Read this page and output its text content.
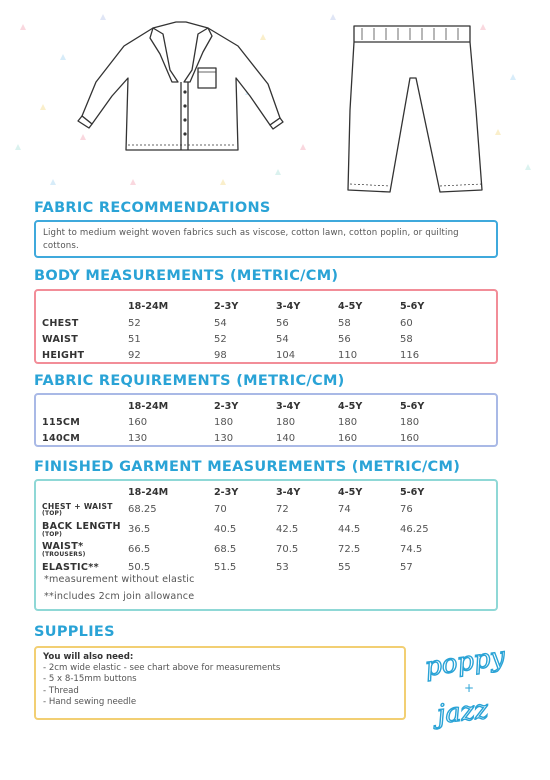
FABRIC RECOMMENDATIONS
Light to medium weight woven fabrics such as viscose, cotton lawn, cotton poplin, or quilting cottons.
BODY MEASUREMENTS (METRIC/CM)
	18-24M	2-3Y	3-4Y	4-5Y	5-6Y
CHEST	52	54	56	58	60
WAIST	51	52	54	56	58
HEIGHT	92	98	104	110	116
FABRIC REQUIREMENTS (METRIC/CM)
	18-24M	2-3Y	3-4Y	4-5Y	5-6Y
115CM	160	180	180	180	180
140CM	130	130	140	160	160
FINISHED GARMENT MEASUREMENTS (METRIC/CM)
	18-24M	2-3Y	3-4Y	4-5Y	5-6Y
CHEST + WAIST
(TOP)	68.25	70	72	74	76
BACK LENGTH
(TOP)	36.5	40.5	42.5	44.5	46.25
WAIST*
(TROUSERS)	66.5	68.5	70.5	72.5	74.5
ELASTIC**	50.5	51.5	53	55	57
*measurement without elastic
**includes 2cm join allowance
SUPPLIES
You will also need:
- 2cm wide elastic - see chart above for measurements
- 5 x 8-15mm buttons
- Thread
- Hand sewing needle
poppy
+
jazz
